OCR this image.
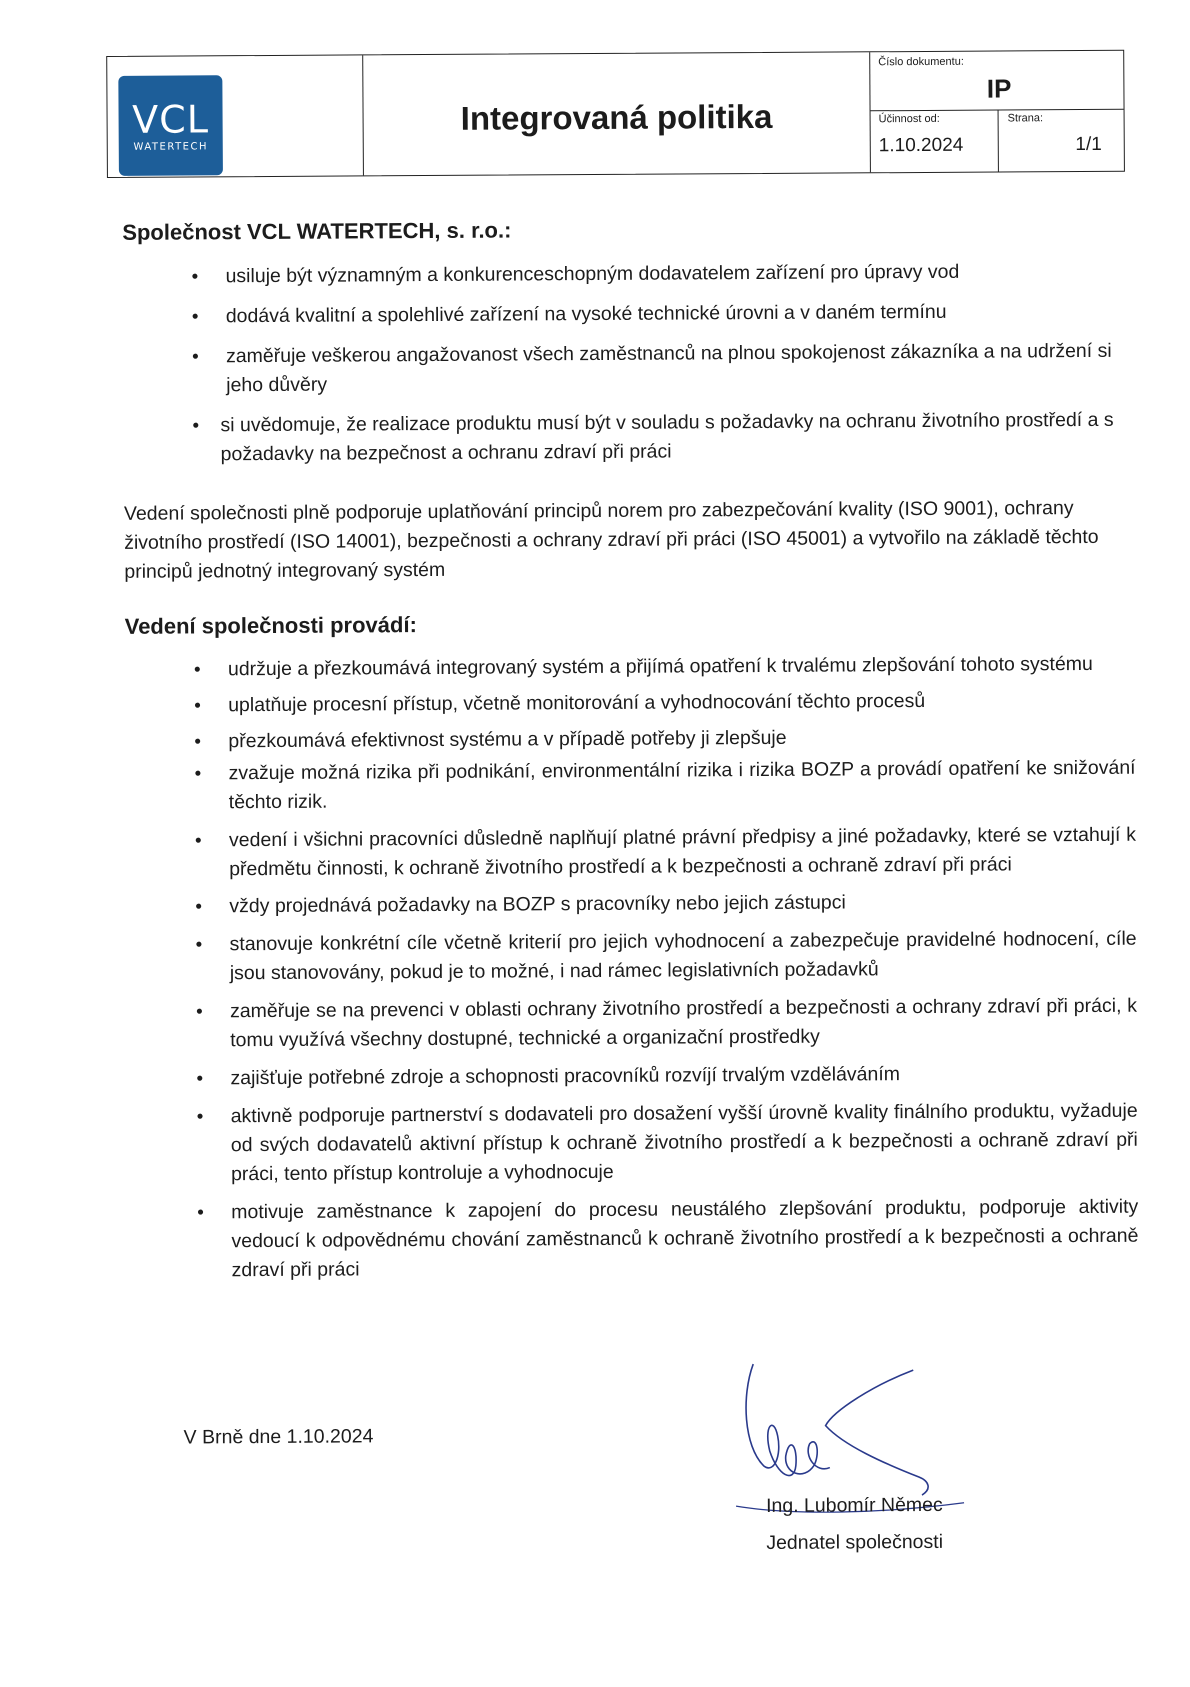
VCL
WATERTECH
Integrovaná politika
Číslo dokumentu:
IP
Účinnost od:
1.10.2024
Strana:
1/1
Společnost VCL WATERTECH, s. r.o.:
• usiluje být významným a konkurenceschopným dodavatelem zařízení pro úpravy vod
• dodává kvalitní a spolehlivé zařízení na vysoké technické úrovni a v daném termínu
• zaměřuje veškerou angažovanost všech zaměstnanců na plnou spokojenost zákazníka a na udržení si jeho důvěry
• si uvědomuje, že realizace produktu musí být v souladu s požadavky na ochranu životního prostředí a s požadavky na bezpečnost a ochranu zdraví při práci

Vedení společnosti plně podporuje uplatňování principů norem pro zabezpečování kvality (ISO 9001), ochrany životního prostředí (ISO 14001), bezpečnosti a ochrany zdraví při práci (ISO 45001) a vytvořilo na základě těchto principů jednotný integrovaný systém

Vedení společnosti provádí:
• udržuje a přezkoumává integrovaný systém a přijímá opatření k trvalému zlepšování tohoto systému
• uplatňuje procesní přístup, včetně monitorování a vyhodnocování těchto procesů
• přezkoumává efektivnost systému a v případě potřeby ji zlepšuje
• zvažuje možná rizika při podnikání, environmentální rizika i rizika BOZP a provádí opatření ke snižování těchto rizik.
• vedení i všichni pracovníci důsledně naplňují platné právní předpisy a jiné požadavky, které se vztahují k předmětu činnosti, k ochraně životního prostředí a k bezpečnosti a ochraně zdraví při práci
• vždy projednává požadavky na BOZP s pracovníky nebo jejich zástupci
• stanovuje konkrétní cíle včetně kriterií pro jejich vyhodnocení a zabezpečuje pravidelné hodnocení, cíle jsou stanovovány, pokud je to možné, i nad rámec legislativních požadavků
• zaměřuje se na prevenci v oblasti ochrany životního prostředí a bezpečnosti a ochrany zdraví při práci, k tomu využívá všechny dostupné, technické a organizační prostředky
• zajišťuje potřebné zdroje a schopnosti pracovníků rozvíjí trvalým vzděláváním
• aktivně podporuje partnerství s dodavateli pro dosažení vyšší úrovně kvality finálního produktu, vyžaduje od svých dodavatelů aktivní přístup k ochraně životního prostředí a k bezpečnosti a ochraně zdraví při práci, tento přístup kontroluje a vyhodnocuje
• motivuje zaměstnance k zapojení do procesu neustálého zlepšování produktu, podporuje aktivity vedoucí k odpovědnému chování zaměstnanců k ochraně životního prostředí a k bezpečnosti a ochraně zdraví při práci
V Brně dne 1.10.2024
Ing. Lubomír Němec
Jednatel společnosti
